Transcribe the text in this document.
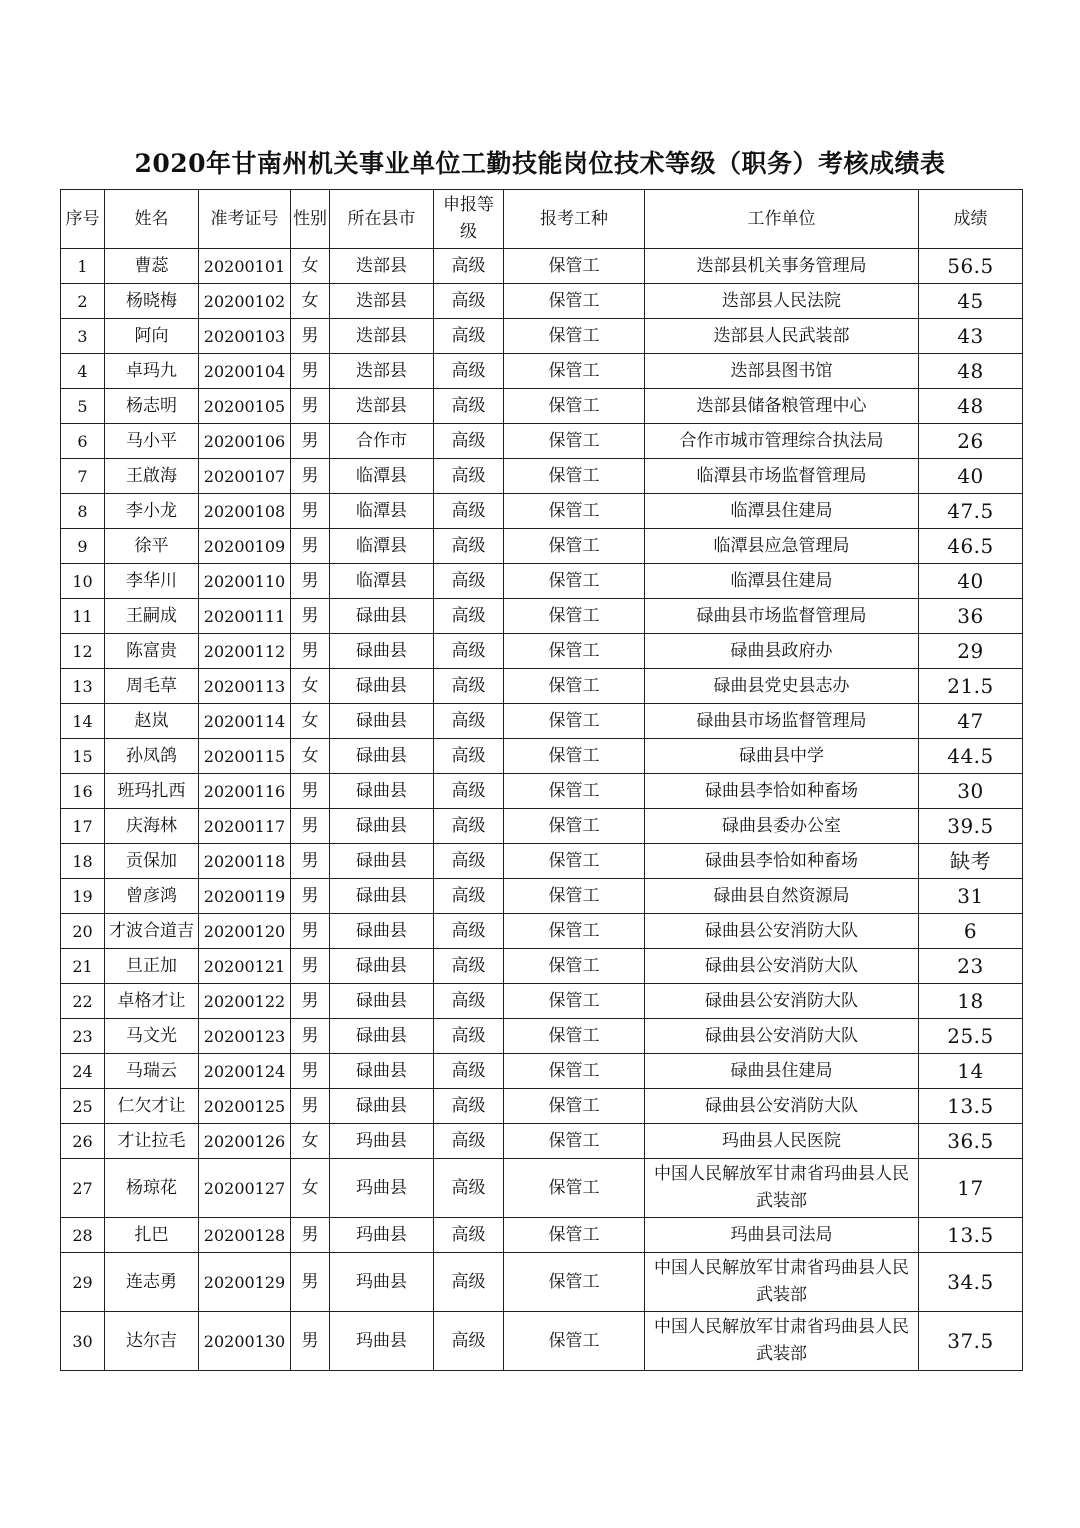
2020年甘南州机关事业单位工勤技能岗位技术等级（职务）考核成绩表
序号	姓名	准考证号	性别	所在县市	申报等级	报考工种	工作单位	成绩
1	曹蕊	20200101	女	迭部县	高级	保管工	迭部县机关事务管理局	56.5
2	杨晓梅	20200102	女	迭部县	高级	保管工	迭部县人民法院	45
3	阿向	20200103	男	迭部县	高级	保管工	迭部县人民武装部	43
4	卓玛九	20200104	男	迭部县	高级	保管工	迭部县图书馆	48
5	杨志明	20200105	男	迭部县	高级	保管工	迭部县储备粮管理中心	48
6	马小平	20200106	男	合作市	高级	保管工	合作市城市管理综合执法局	26
7	王啟海	20200107	男	临潭县	高级	保管工	临潭县市场监督管理局	40
8	李小龙	20200108	男	临潭县	高级	保管工	临潭县住建局	47.5
9	徐平	20200109	男	临潭县	高级	保管工	临潭县应急管理局	46.5
10	李华川	20200110	男	临潭县	高级	保管工	临潭县住建局	40
11	王嗣成	20200111	男	碌曲县	高级	保管工	碌曲县市场监督管理局	36
12	陈富贵	20200112	男	碌曲县	高级	保管工	碌曲县政府办	29
13	周毛草	20200113	女	碌曲县	高级	保管工	碌曲县党史县志办	21.5
14	赵岚	20200114	女	碌曲县	高级	保管工	碌曲县市场监督管理局	47
15	孙凤鸽	20200115	女	碌曲县	高级	保管工	碌曲县中学	44.5
16	班玛扎西	20200116	男	碌曲县	高级	保管工	碌曲县李恰如种畜场	30
17	庆海林	20200117	男	碌曲县	高级	保管工	碌曲县委办公室	39.5
18	贡保加	20200118	男	碌曲县	高级	保管工	碌曲县李恰如种畜场	缺考
19	曾彦鸿	20200119	男	碌曲县	高级	保管工	碌曲县自然资源局	31
20	才波合道吉	20200120	男	碌曲县	高级	保管工	碌曲县公安消防大队	6
21	旦正加	20200121	男	碌曲县	高级	保管工	碌曲县公安消防大队	23
22	卓格才让	20200122	男	碌曲县	高级	保管工	碌曲县公安消防大队	18
23	马文光	20200123	男	碌曲县	高级	保管工	碌曲县公安消防大队	25.5
24	马瑞云	20200124	男	碌曲县	高级	保管工	碌曲县住建局	14
25	仁欠才让	20200125	男	碌曲县	高级	保管工	碌曲县公安消防大队	13.5
26	才让拉毛	20200126	女	玛曲县	高级	保管工	玛曲县人民医院	36.5
27	杨琼花	20200127	女	玛曲县	高级	保管工	中国人民解放军甘肃省玛曲县人民武装部	17
28	扎巴	20200128	男	玛曲县	高级	保管工	玛曲县司法局	13.5
29	连志勇	20200129	男	玛曲县	高级	保管工	中国人民解放军甘肃省玛曲县人民武装部	34.5
30	达尔吉	20200130	男	玛曲县	高级	保管工	中国人民解放军甘肃省玛曲县人民武装部	37.5
